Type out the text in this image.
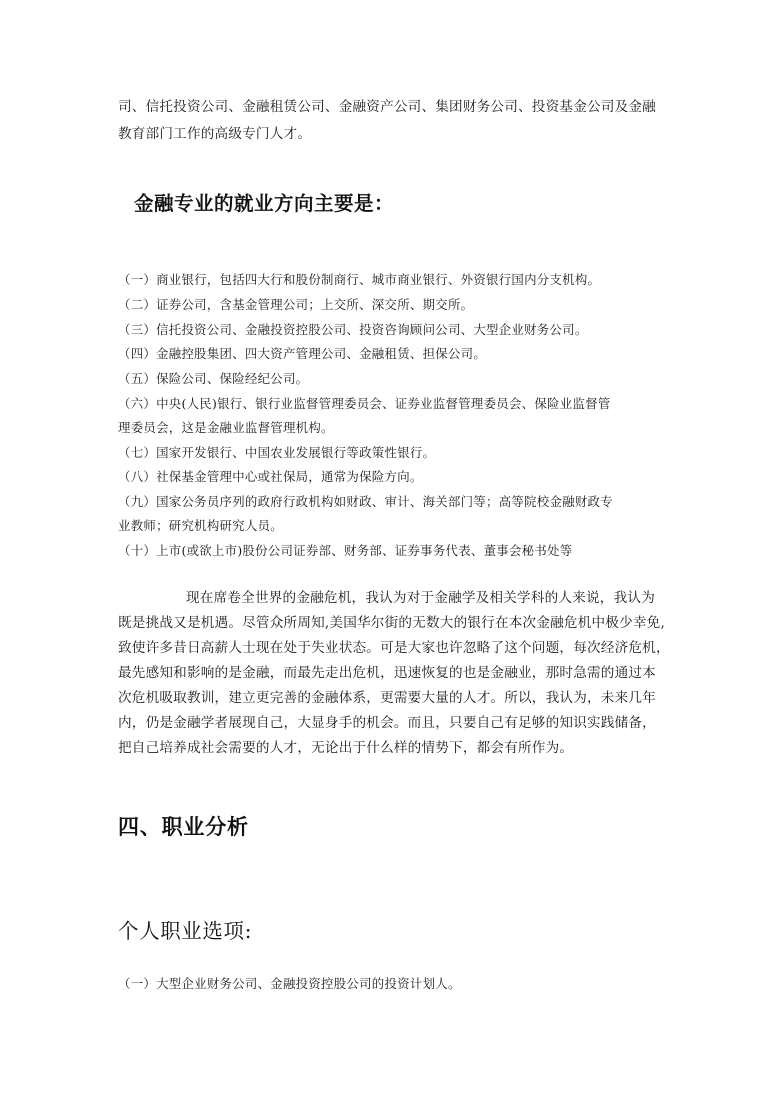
司、信托投资公司、金融租赁公司、金融资产公司、集团财务公司、投资基金公司及金融
教育部门工作的高级专门人才。
金融专业的就业方向主要是：
（一）商业银行，包括四大行和股份制商行、城市商业银行、外资银行国内分支机构。
（二）证券公司，含基金管理公司；上交所、深交所、期交所。
（三）信托投资公司、金融投资控股公司、投资咨询顾问公司、大型企业财务公司。
（四）金融控股集团、四大资产管理公司、金融租赁、担保公司。
（五）保险公司、保险经纪公司。
（六）中央(人民)银行、银行业监督管理委员会、证券业监督管理委员会、保险业监督管
理委员会，这是金融业监督管理机构。
（七）国家开发银行、中国农业发展银行等政策性银行。
（八）社保基金管理中心或社保局，通常为保险方向。
（九）国家公务员序列的政府行政机构如财政、审计、海关部门等；高等院校金融财政专
业教师；研究机构研究人员。
（十）上市(或欲上市)股份公司证券部、财务部、证券事务代表、董事会秘书处等
现在席卷全世界的金融危机，我认为对于金融学及相关学科的人来说，我认为
既是挑战又是机遇。尽管众所周知,美国华尔街的无数大的银行在本次金融危机中极少幸免,
致使许多昔日高薪人士现在处于失业状态。可是大家也许忽略了这个问题，每次经济危机，
最先感知和影响的是金融，而最先走出危机，迅速恢复的也是金融业，那时急需的通过本
次危机吸取教训，建立更完善的金融体系，更需要大量的人才。所以，我认为，未来几年
内，仍是金融学者展现自己，大显身手的机会。而且，只要自己有足够的知识实践储备，
把自己培养成社会需要的人才，无论出于什么样的情势下，都会有所作为。
四、职业分析
个人职业选项:
（一）大型企业财务公司、金融投资控股公司的投资计划人。
